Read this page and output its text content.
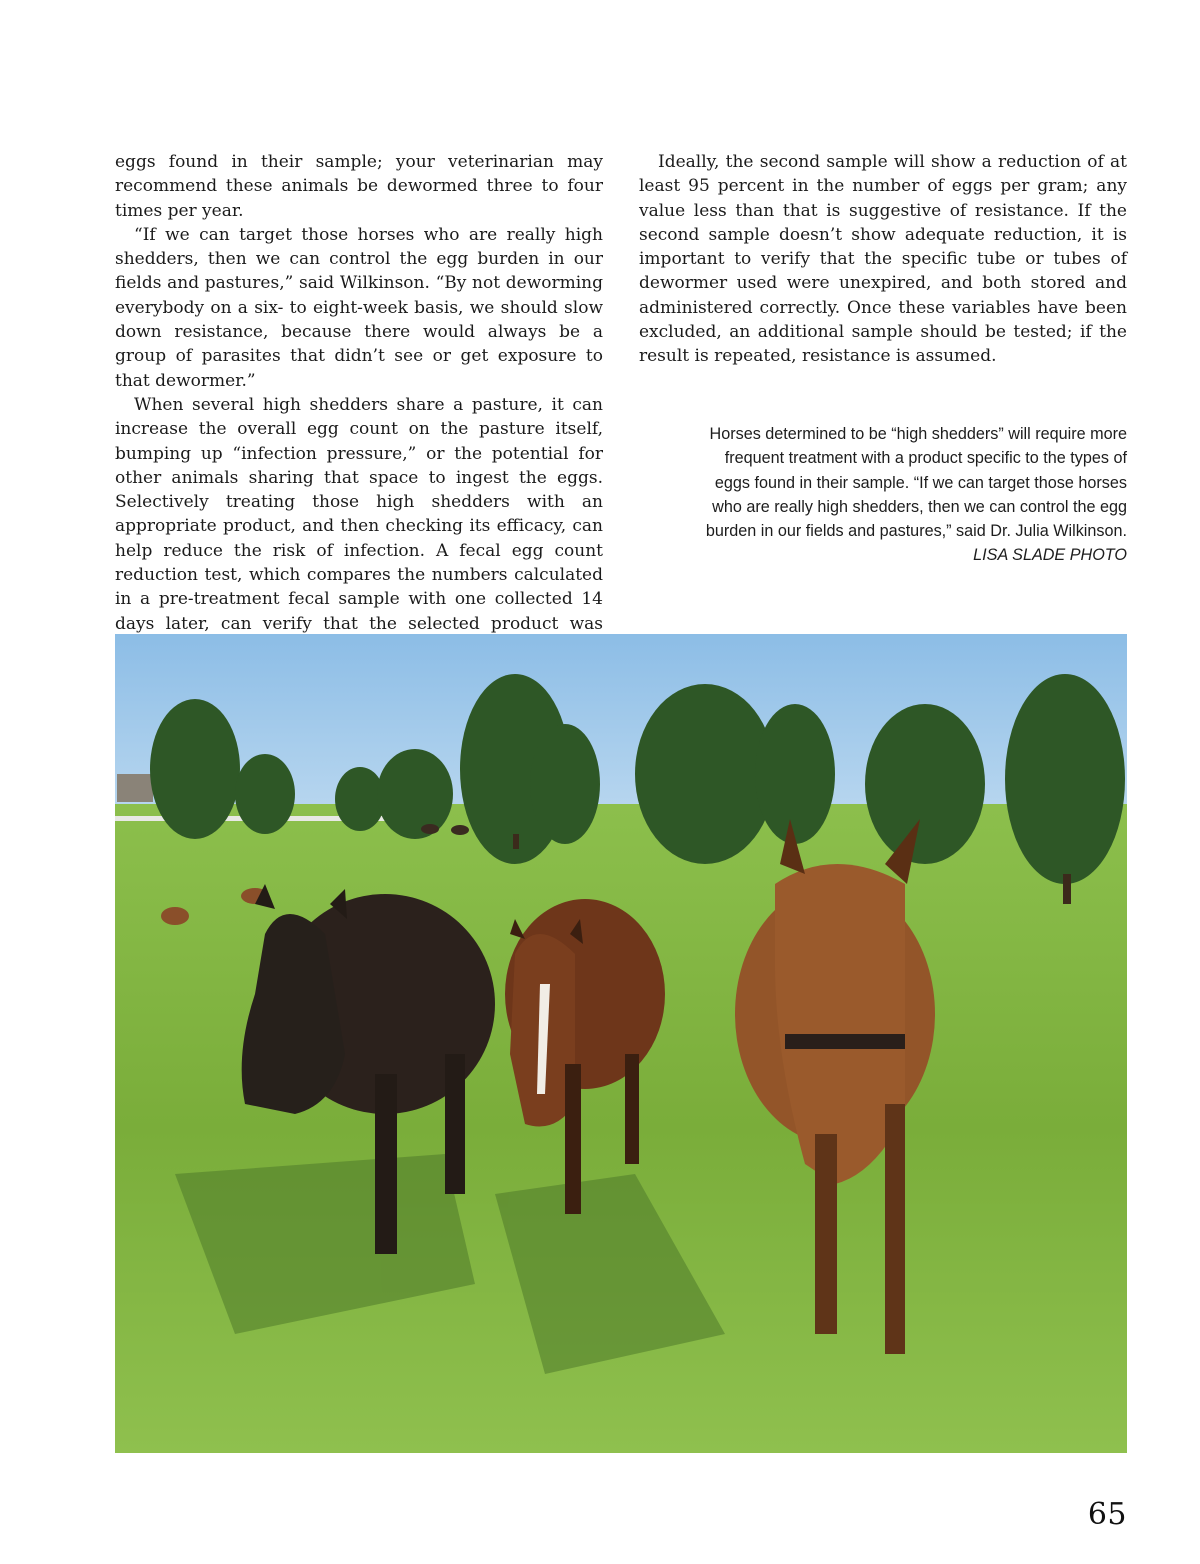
eggs found in their sample; your veterinarian may recommend these animals be dewormed three to four times per year.

“If we can target those horses who are really high shedders, then we can control the egg burden in our fields and pastures,” said Wilkinson. “By not deworming everybody on a six- to eight-week basis, we should slow down resistance, because there would always be a group of parasites that didn’t see or get exposure to that dewormer.”

When several high shedders share a pasture, it can increase the overall egg count on the pasture itself, bumping up “infection pressure,” or the potential for other animals sharing that space to ingest the eggs. Selectively treating those high shedders with an appropriate product, and then checking its efficacy, can help reduce the risk of infection. A fecal egg count reduction test, which compares the numbers calculated in a pre-treatment fecal sample with one collected 14 days later, can verify that the selected product was

Ideally, the second sample will show a reduction of at least 95 percent in the number of eggs per gram; any value less than that is suggestive of resistance. If the second sample doesn’t show adequate reduction, it is important to verify that the specific tube or tubes of dewormer used were unexpired, and both stored and administered correctly. Once these variables have been excluded, an additional sample should be tested; if the result is repeated, resistance is assumed.

Horses determined to be “high shedders” will require more frequent treatment with a product specific to the types of eggs found in their sample. “If we can target those horses who are really high shedders, then we can control the egg burden in our fields and pastures,” said Dr. Julia Wilkinson. LISA SLADE PHOTO
65
